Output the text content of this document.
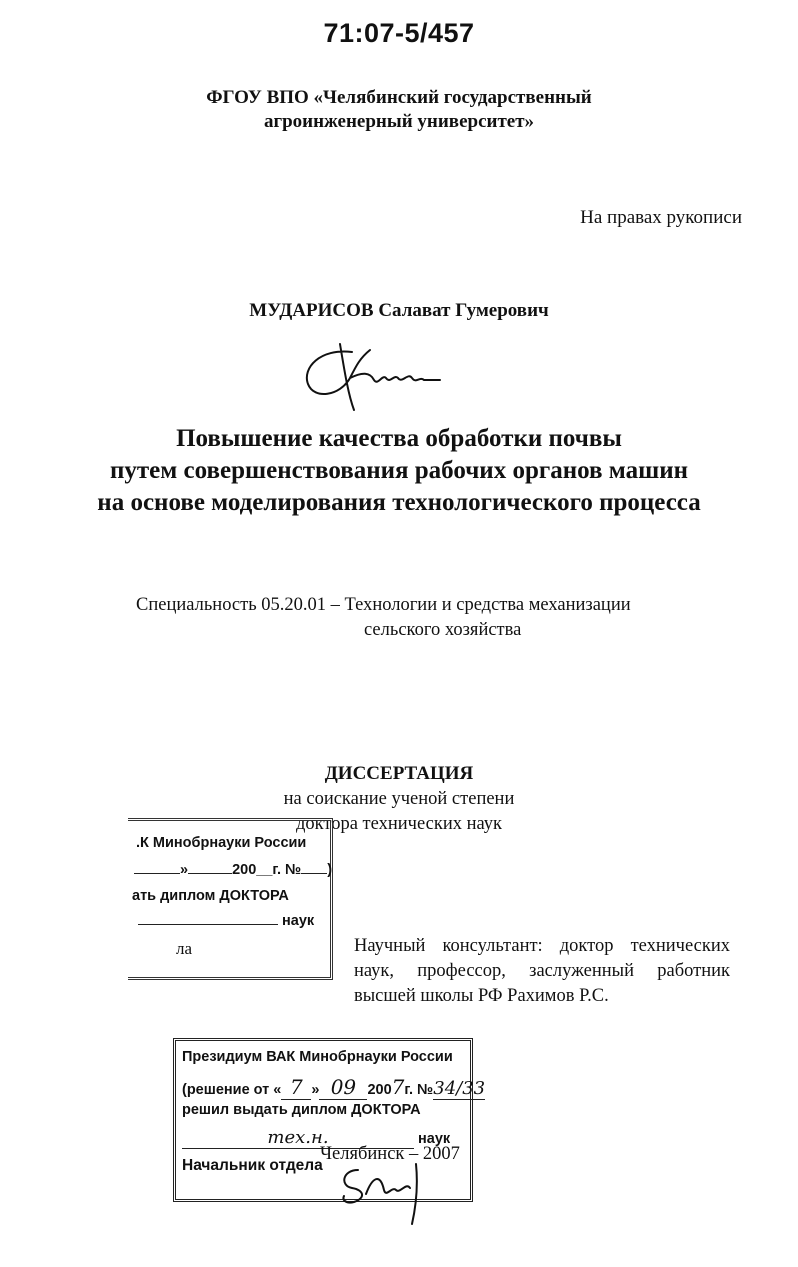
71:07-5/457
ФГОУ ВПО «Челябинский государственный
агроинженерный университет»
На правах рукописи
МУДАРИСОВ Салават Гумерович
Повышение качества обработки почвы
путем совершенствования рабочих органов машин
на основе моделирования технологического процесса
Специальность 05.20.01 – Технологии и средства механизации
сельского хозяйства
ДИССЕРТАЦИЯ
на соискание ученой степени
доктора технических наук
.К Минобрнауки России
»	200__г. № )
ать диплом ДОКТОРА
наук
ла	Научный консультант: доктор технических наук, профессор, заслуженный работник высшей школы РФ Рахимов Р.С.
Президиум ВАК Минобрнауки России
(решение от « 7 » 09 2007г. №34/33
решил выдать диплом ДОКТОРА
тех.н.	наук
Начальник отдела
Челябинск – 2007
